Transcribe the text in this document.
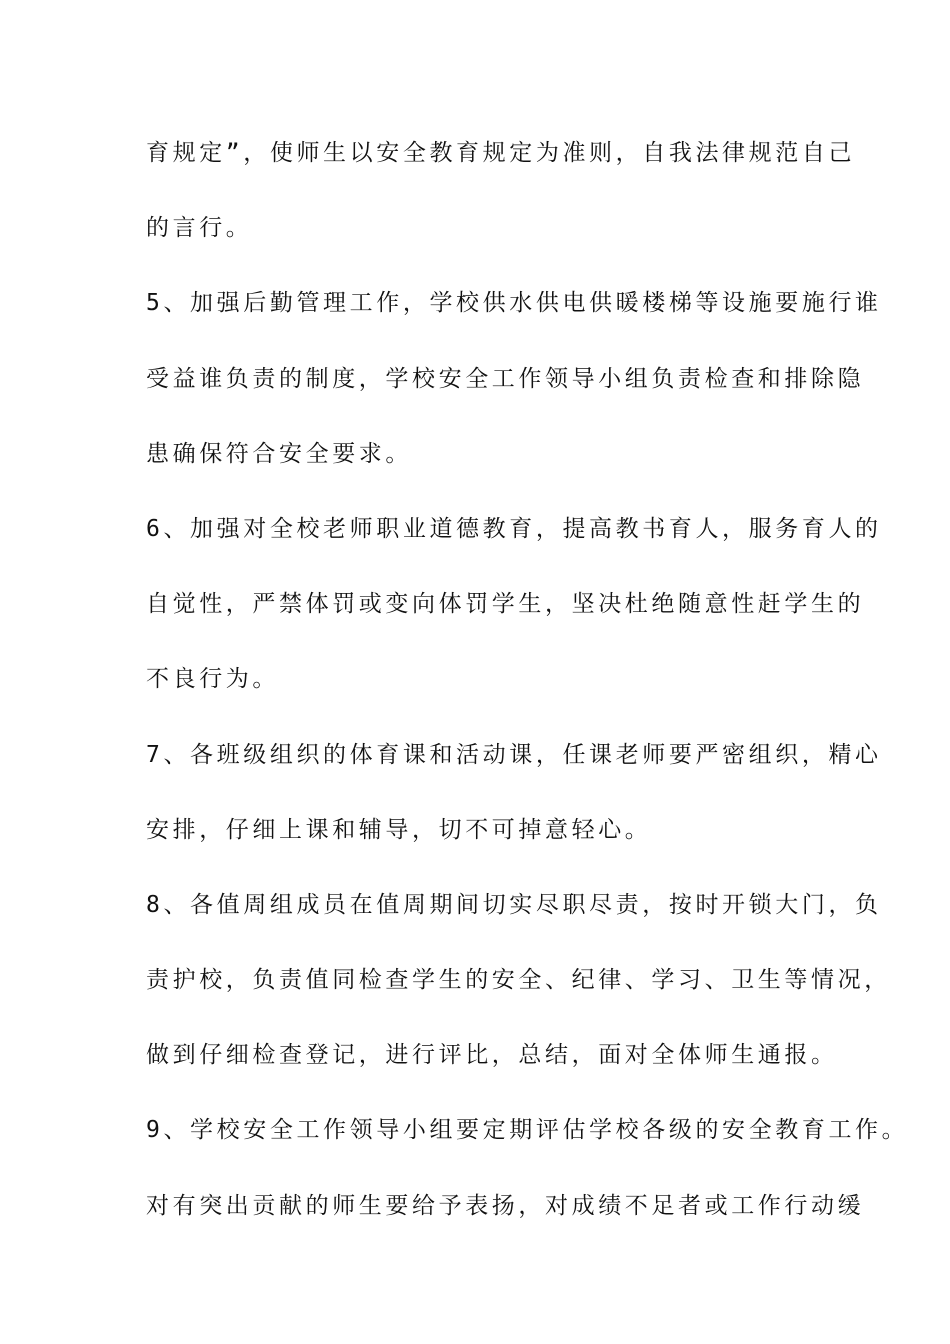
育规定”，使师生以安全教育规定为准则，自我法律规范自己
的言行。
5、加强后勤管理工作，学校供水供电供暖楼梯等设施要施行谁
受益谁负责的制度，学校安全工作领导小组负责检查和排除隐
患确保符合安全要求。
6、加强对全校老师职业道德教育，提高教书育人，服务育人的
自觉性，严禁体罚或变向体罚学生，坚决杜绝随意性赶学生的
不良行为。
7、各班级组织的体育课和活动课，任课老师要严密组织，精心
安排，仔细上课和辅导，切不可掉意轻心。
8、各值周组成员在值周期间切实尽职尽责，按时开锁大门，负
责护校，负责值同检查学生的安全、纪律、学习、卫生等情况，
做到仔细检查登记，进行评比，总结，面对全体师生通报。
9、学校安全工作领导小组要定期评估学校各级的安全教育工作。
对有突出贡献的师生要给予表扬，对成绩不足者或工作行动缓
